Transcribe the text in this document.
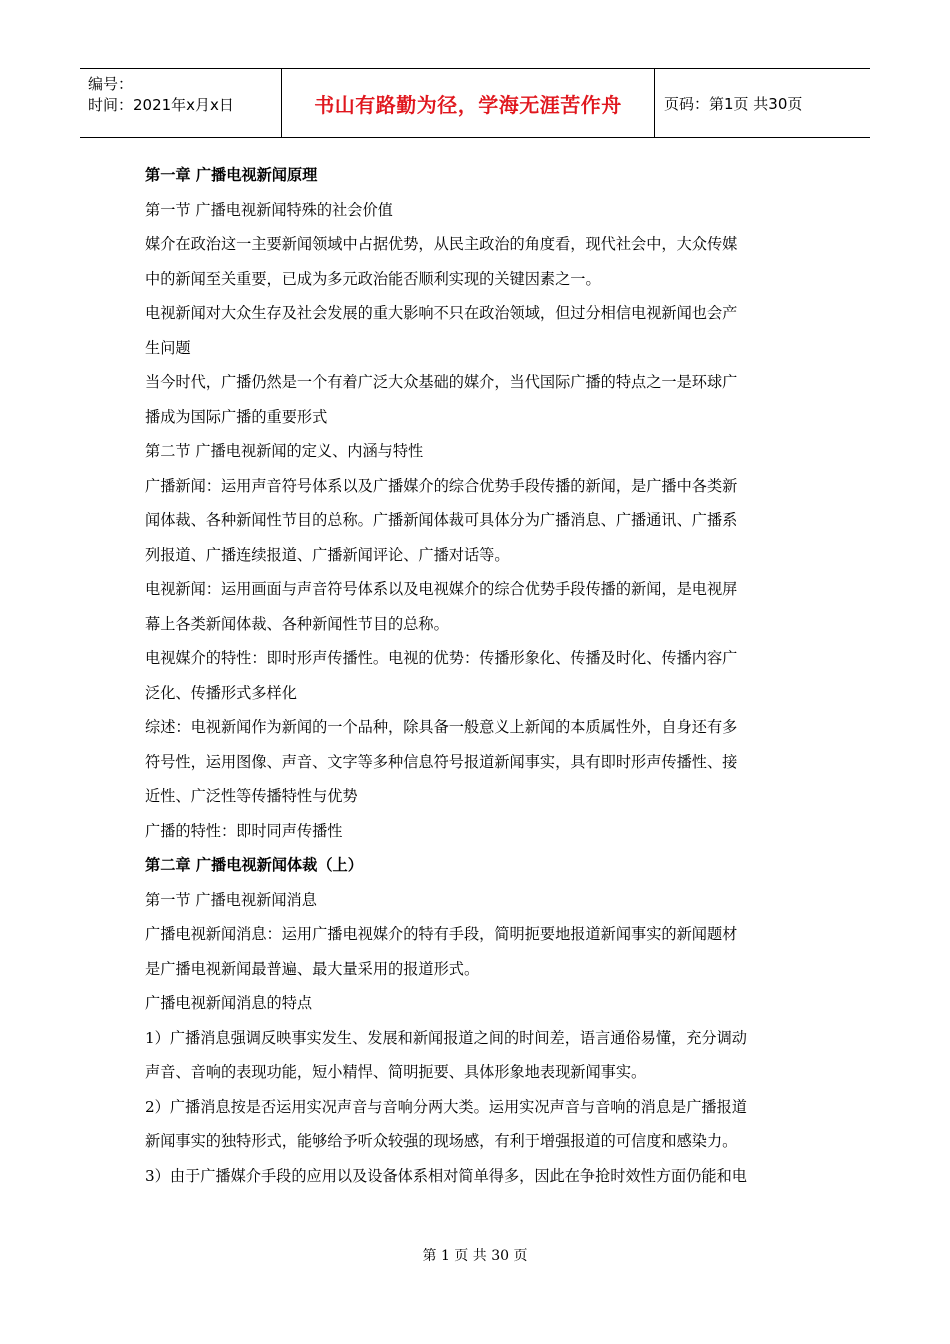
编号：
时间：2021年x月x日	书山有路勤为径，学海无涯苦作舟	页码：第1页 共30页
第一章 广播电视新闻原理
第一节 广播电视新闻特殊的社会价值
媒介在政治这一主要新闻领域中占据优势，从民主政治的角度看，现代社会中，大众传媒
中的新闻至关重要，已成为多元政治能否顺利实现的关键因素之一。
电视新闻对大众生存及社会发展的重大影响不只在政治领域，但过分相信电视新闻也会产
生问题
当今时代，广播仍然是一个有着广泛大众基础的媒介，当代国际广播的特点之一是环球广
播成为国际广播的重要形式
第二节 广播电视新闻的定义、内涵与特性
广播新闻：运用声音符号体系以及广播媒介的综合优势手段传播的新闻，是广播中各类新
闻体裁、各种新闻性节目的总称。广播新闻体裁可具体分为广播消息、广播通讯、广播系
列报道、广播连续报道、广播新闻评论、广播对话等。
电视新闻：运用画面与声音符号体系以及电视媒介的综合优势手段传播的新闻，是电视屏
幕上各类新闻体裁、各种新闻性节目的总称。
电视媒介的特性：即时形声传播性。电视的优势：传播形象化、传播及时化、传播内容广
泛化、传播形式多样化
综述：电视新闻作为新闻的一个品种，除具备一般意义上新闻的本质属性外，自身还有多
符号性，运用图像、声音、文字等多种信息符号报道新闻事实，具有即时形声传播性、接
近性、广泛性等传播特性与优势
广播的特性：即时同声传播性
第二章 广播电视新闻体裁（上）
第一节 广播电视新闻消息
广播电视新闻消息：运用广播电视媒介的特有手段，简明扼要地报道新闻事实的新闻题材
是广播电视新闻最普遍、最大量采用的报道形式。
广播电视新闻消息的特点
1）广播消息强调反映事实发生、发展和新闻报道之间的时间差，语言通俗易懂，充分调动
声音、音响的表现功能，短小精悍、简明扼要、具体形象地表现新闻事实。
2）广播消息按是否运用实况声音与音响分两大类。运用实况声音与音响的消息是广播报道
新闻事实的独特形式，能够给予听众较强的现场感，有利于增强报道的可信度和感染力。
3）由于广播媒介手段的应用以及设备体系相对简单得多，因此在争抢时效性方面仍能和电
第 1 页 共 30 页
